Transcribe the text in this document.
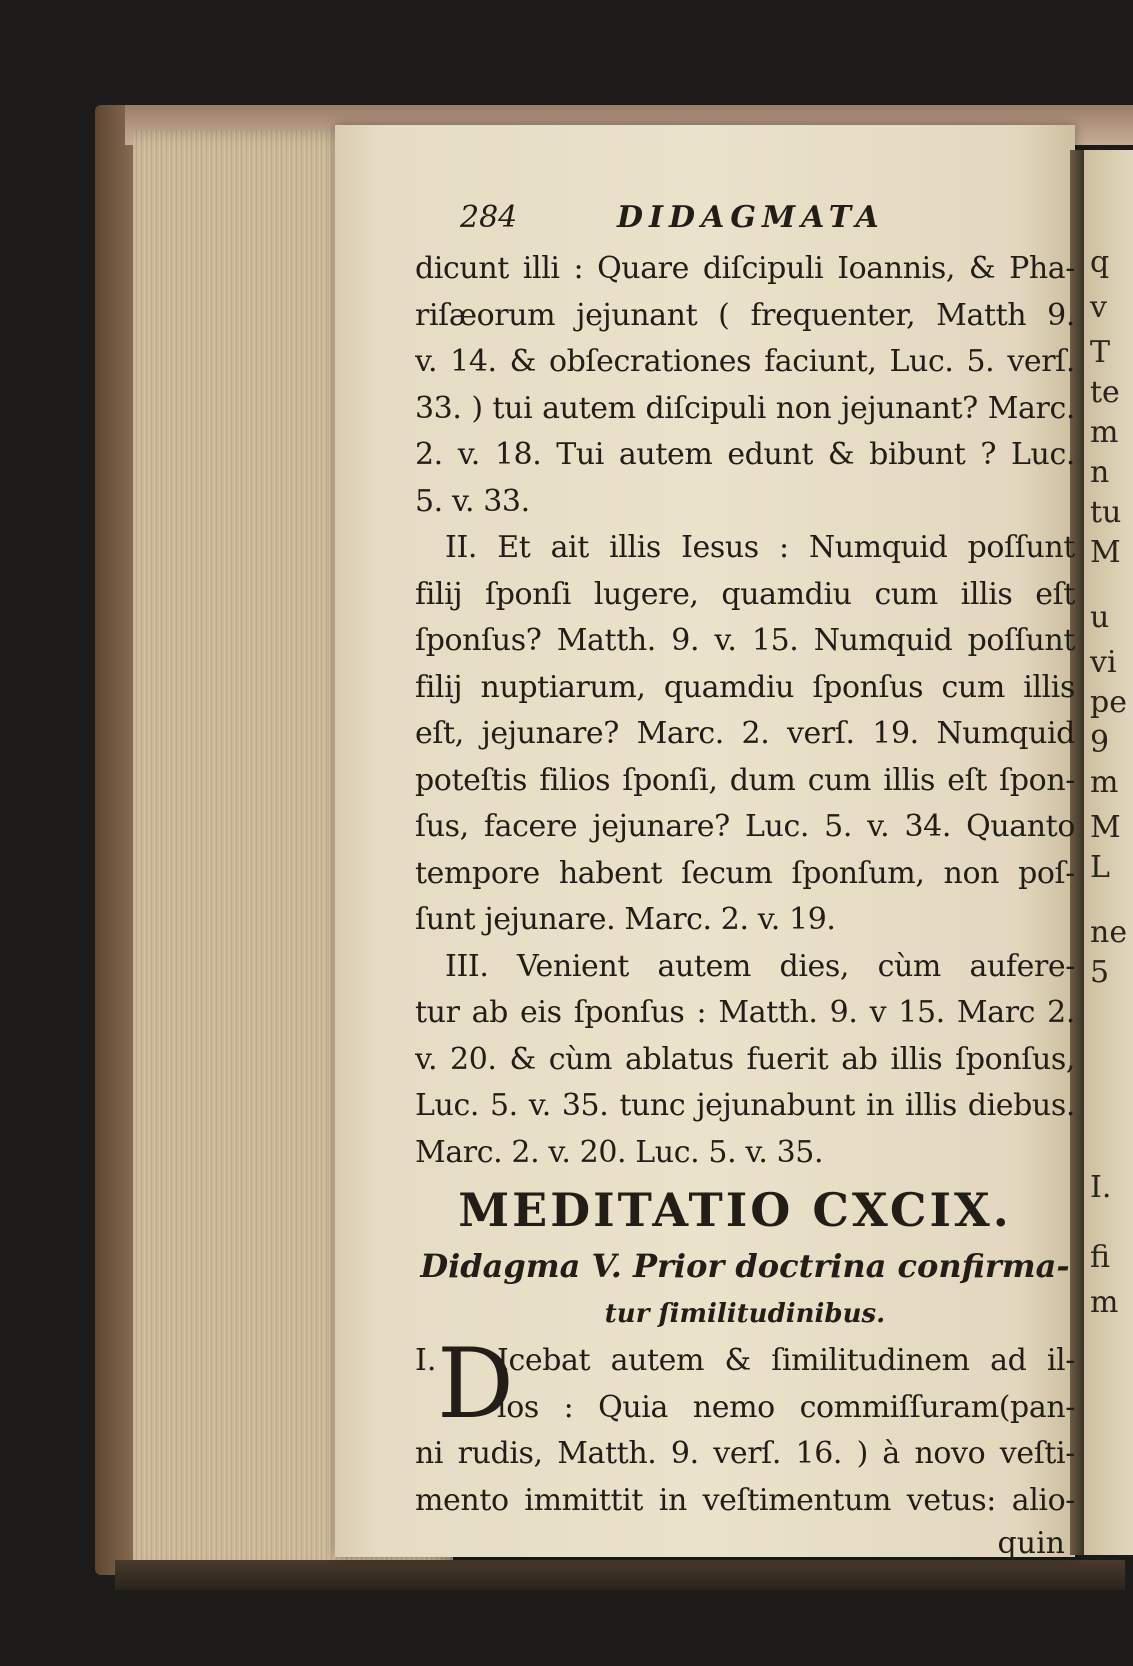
q
v
T
te
m
n
tu
M
u
vi
pe
9
m
M
L
ne
5
I.
fi
m
284	DIDAGMATA
dicunt illi : Quare diſcipuli Ioannis, & Pha-
riſæorum jejunant ( frequenter, Matth 9.
v. 14. & obſecrationes faciunt, Luc. 5. verſ.
33. ) tui autem diſcipuli non jejunant? Marc.
2. v. 18. Tui autem edunt & bibunt ? Luc.
5. v. 33.
II. Et ait illis Iesus : Numquid poſſunt
filij ſponſi lugere, quamdiu cum illis eſt
ſponſus? Matth. 9. v. 15. Numquid poſſunt
filij nuptiarum, quamdiu ſponſus cum illis
eſt, jejunare? Marc. 2. verſ. 19. Numquid
poteſtis filios ſponſi, dum cum illis eſt ſpon-
ſus, facere jejunare? Luc. 5. v. 34. Quanto
tempore habent ſecum ſponſum, non poſ-
ſunt jejunare. Marc. 2. v. 19.
III. Venient autem dies, cùm aufere-
tur ab eis ſponſus : Matth. 9. v 15. Marc 2.
v. 20. & cùm ablatus fuerit ab illis ſponſus,
Luc. 5. v. 35. tunc jejunabunt in illis diebus.
Marc. 2. v. 20. Luc. 5. v. 35.
MEDITATIO CXCIX.
Didagma V. Prior doctrina confirma-
tur ſimilitudinibus.
I. D
Icebat autem & ſimilitudinem ad il-
los : Quia nemo commiſſuram(pan-
ni rudis, Matth. 9. verſ. 16. ) à novo veſti-
mento immittit in veſtimentum vetus: alio-
quin
